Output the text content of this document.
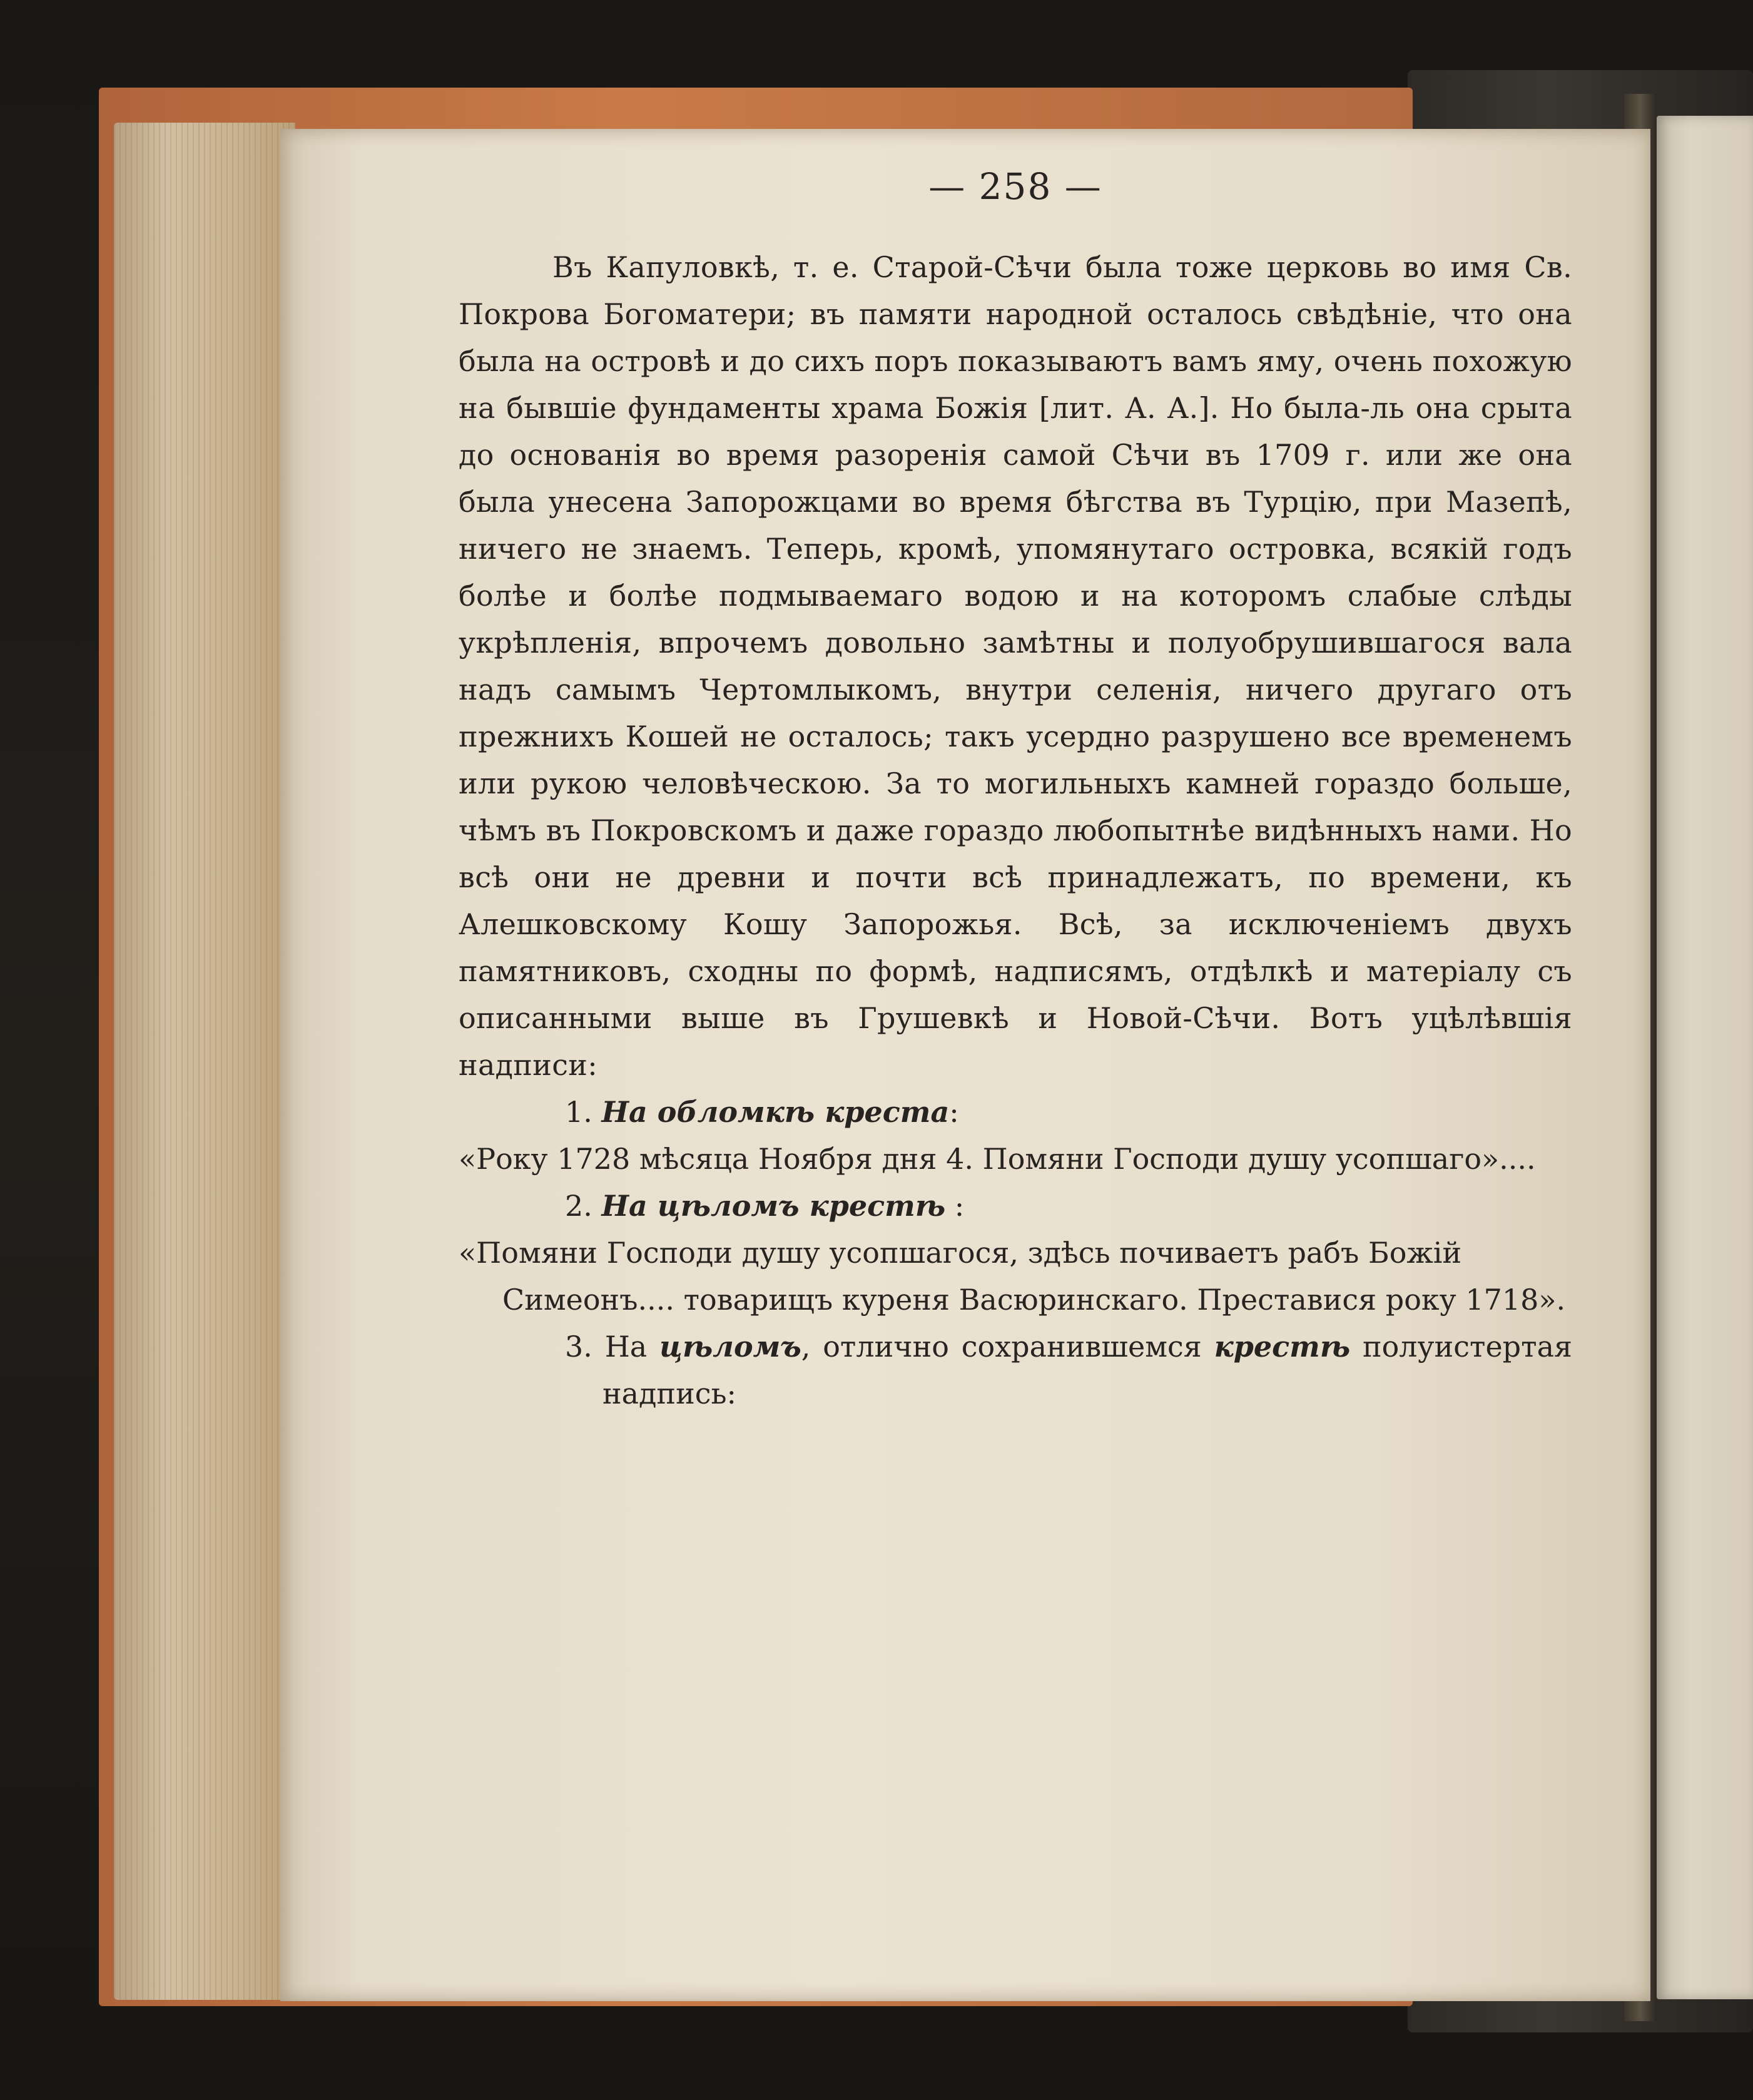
— 258 —

Въ Капуловкѣ, т. е. Старой-Сѣчи была тоже церковь во имя Св. Покрова Богоматери; въ памяти народной осталось свѣдѣніе, что она была на островѣ и до сихъ поръ показываютъ вамъ яму, очень похожую на бывшіе фундаменты храма Божія [лит. А. А.]. Но была-ль она срыта до основанія во время разоренія самой Сѣчи въ 1709 г. или же она была унесена Запорожцами во время бѣгства въ Турцію, при Мазепѣ, ничего не знаемъ. Теперь, кромѣ, упомянутаго островка, всякій годъ болѣе и болѣе подмываемаго водою и на которомъ слабые слѣды укрѣпленія, впрочемъ довольно замѣтны и полуобрушившагося вала надъ самымъ Чертомлыкомъ, внутри селенія, ничего другаго отъ прежнихъ Кошей не осталось; такъ усердно разрушено все временемъ или рукою человѣческою. За то могильныхъ камней гораздо больше, чѣмъ въ Покровскомъ и даже гораздо любопытнѣе видѣнныхъ нами. Но всѣ они не древни и почти всѣ принадлежатъ, по времени, къ Алешковскому Кошу Запорожья. Всѣ, за исключеніемъ двухъ памятниковъ, сходны по формѣ, надписямъ, отдѣлкѣ и матеріалу съ описанными выше въ Грушевкѣ и Новой-Сѣчи. Вотъ уцѣлѣвшія надписи:

1. На обломкѣ креста:

«Року 1728 мѣсяца Ноября дня 4. Помяни Господи душу усопшаго»....

2. На цѣломъ крестѣ :

«Помяни Господи душу усопшагося, здѣсь почиваетъ рабъ Божій Симеонъ.... товарищъ куреня Васюринскаго. Преставися року 1718».

3. На цѣломъ, отлично сохранившемся крестѣ полуистертая надпись:
